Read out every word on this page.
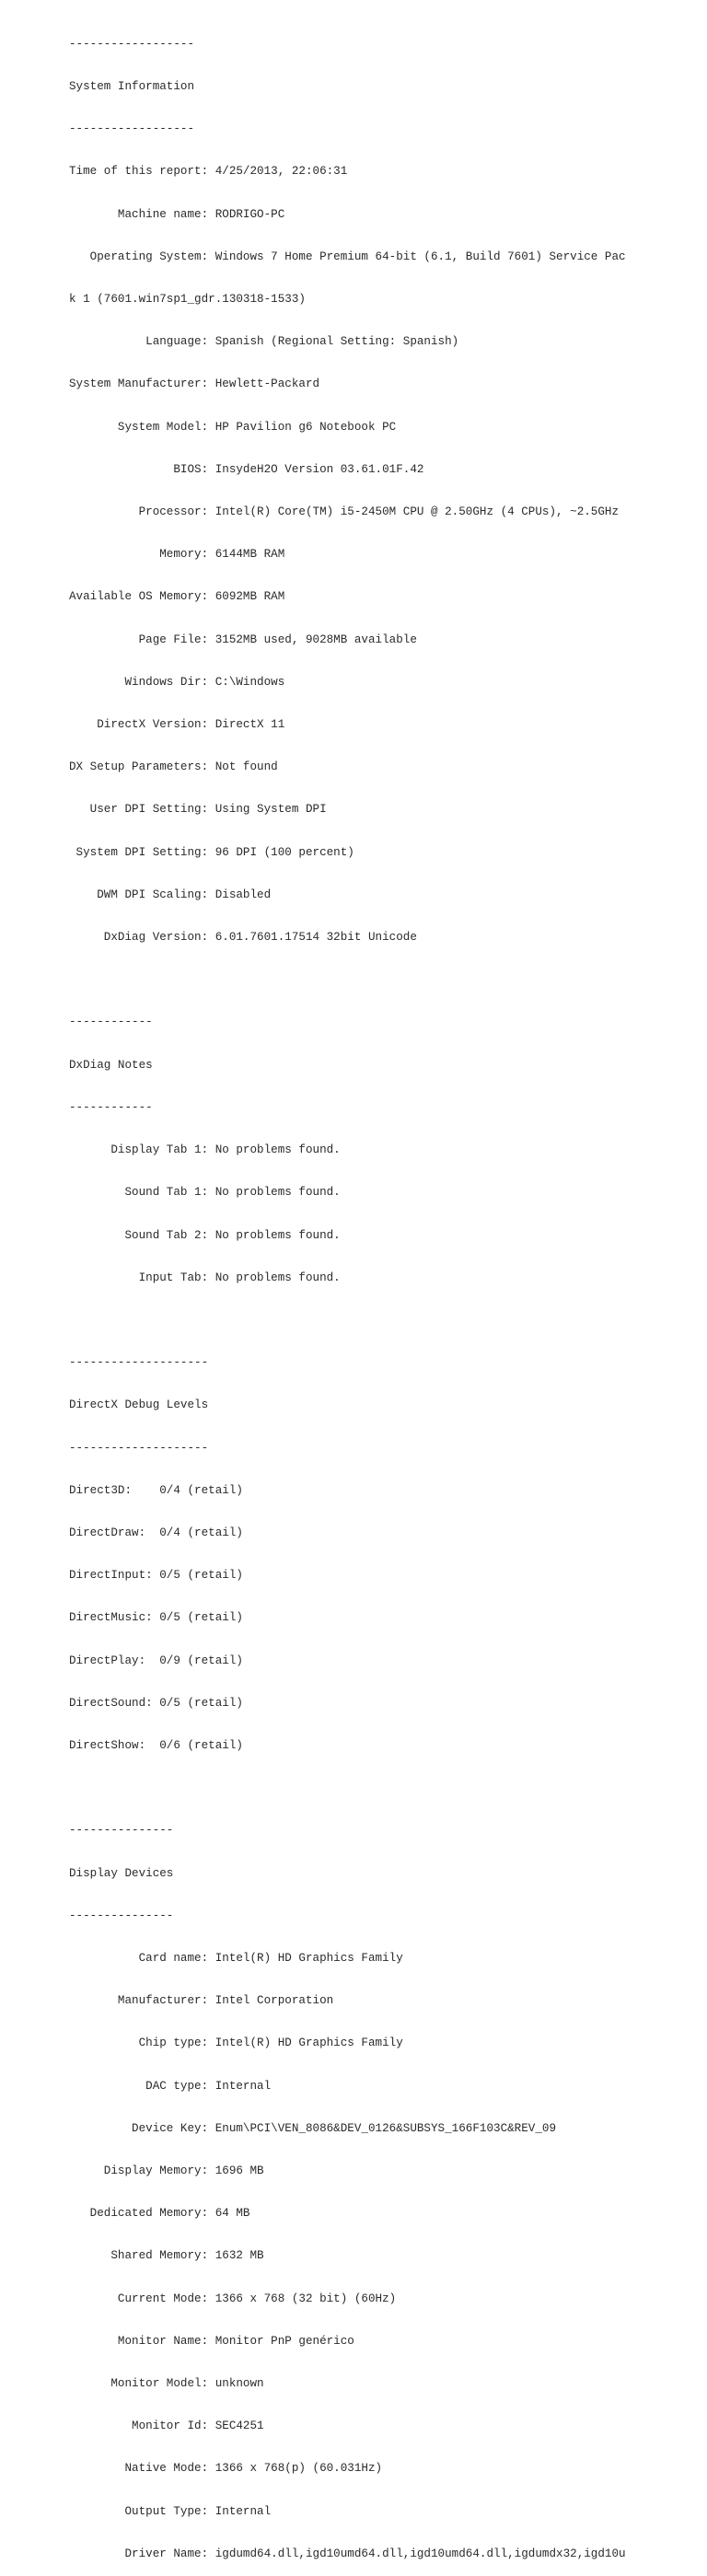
------------------

System Information

------------------

Time of this report: 4/25/2013, 22:06:31

Machine name: RODRIGO-PC

Operating System: Windows 7 Home Premium 64-bit (6.1, Build 7601) Service Pac

k 1 (7601.win7sp1_gdr.130318-1533)

Language: Spanish (Regional Setting: Spanish)

System Manufacturer: Hewlett-Packard

System Model: HP Pavilion g6 Notebook PC

BIOS: InsydeH2O Version 03.61.01F.42

Processor: Intel(R) Core(TM) i5-2450M CPU @ 2.50GHz (4 CPUs), ~2.5GHz

Memory: 6144MB RAM

Available OS Memory: 6092MB RAM

Page File: 3152MB used, 9028MB available

Windows Dir: C:\Windows

DirectX Version: DirectX 11

DX Setup Parameters: Not found

User DPI Setting: Using System DPI

System DPI Setting: 96 DPI (100 percent)

DWM DPI Scaling: Disabled

DxDiag Version: 6.01.7601.17514 32bit Unicode

------------

DxDiag Notes

------------

Display Tab 1: No problems found.

Sound Tab 1: No problems found.

Sound Tab 2: No problems found.

Input Tab: No problems found.

--------------------

DirectX Debug Levels

--------------------

Direct3D:    0/4 (retail)

DirectDraw:  0/4 (retail)

DirectInput: 0/5 (retail)

DirectMusic: 0/5 (retail)

DirectPlay:  0/9 (retail)

DirectSound: 0/5 (retail)

DirectShow:  0/6 (retail)

---------------

Display Devices

---------------

Card name: Intel(R) HD Graphics Family

Manufacturer: Intel Corporation

Chip type: Intel(R) HD Graphics Family

DAC type: Internal

Device Key: Enum\PCI\VEN_8086&DEV_0126&SUBSYS_166F103C&REV_09

Display Memory: 1696 MB

Dedicated Memory: 64 MB

Shared Memory: 1632 MB

Current Mode: 1366 x 768 (32 bit) (60Hz)

Monitor Name: Monitor PnP genérico

Monitor Model: unknown

Monitor Id: SEC4251

Native Mode: 1366 x 768(p) (60.031Hz)

Output Type: Internal

Driver Name: igdumd64.dll,igd10umd64.dll,igd10umd64.dll,igdumdx32,igd10u
